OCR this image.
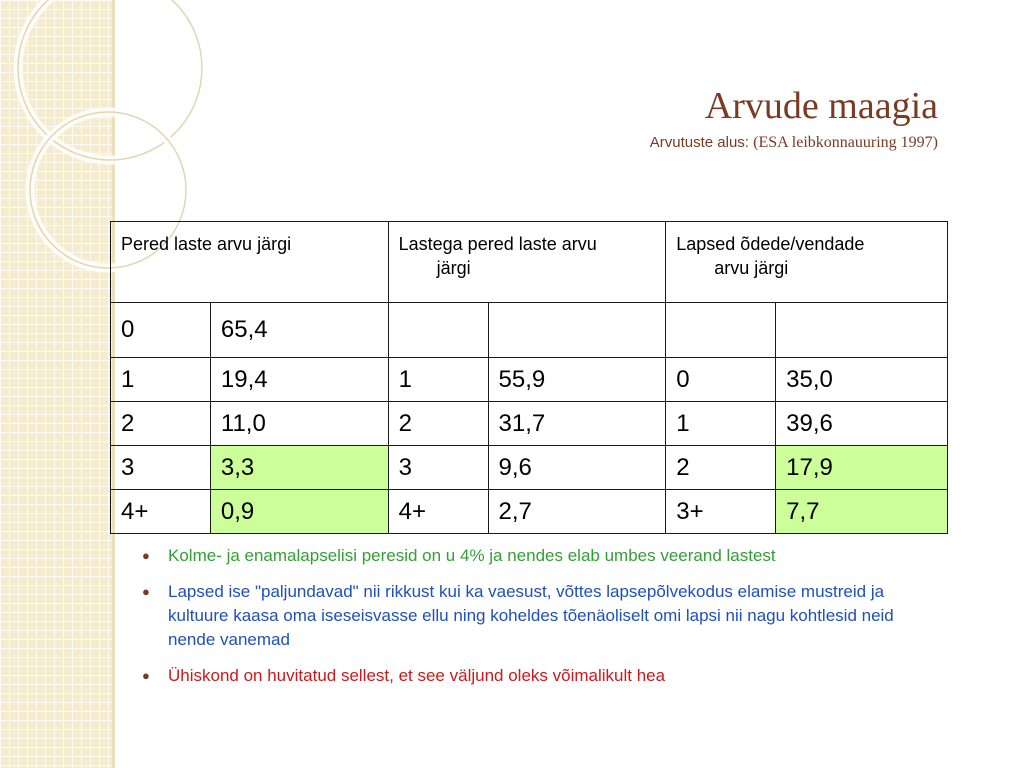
Arvude maagia
Arvutuste alus: (ESA leibkonnauuring 1997)
Pered laste arvu järgi		Lastega pered laste arvu
järgi		Lapsed õdede/vendade
arvu järgi	

0	65,4				
1	19,4	1	55,9	0	35,0
2	11,0	2	31,7	1	39,6
3	3,3	3	9,6	2	17,9
4+	0,9	4+	2,7	3+	7,7
● Kolme- ja enamalapselisi peresid on u 4% ja nendes elab umbes veerand lastest
● Lapsed ise "paljundavad" nii rikkust kui ka vaesust, võttes lapsepõlvekodus elamise mustreid ja kultuure kaasa oma iseseisvasse ellu ning koheldes tõenäoliselt omi lapsi nii nagu kohtlesid neid nende vanemad
● Ühiskond on huvitatud sellest, et see väljund oleks võimalikult hea
